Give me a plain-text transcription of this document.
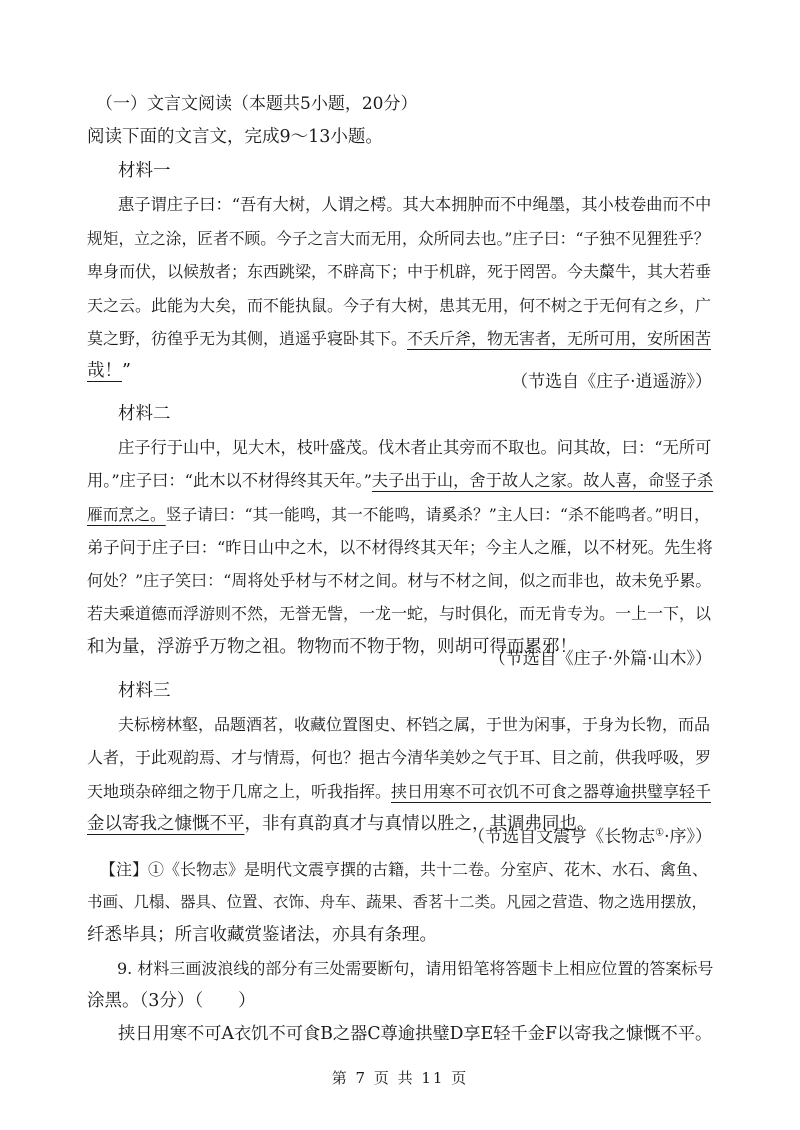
（一）文言文阅读（本题共5小题，20分）
阅读下面的文言文，完成9～13小题。
材料一
惠子谓庄子曰：“吾有大树，人谓之樗。其大本拥肿而不中绳墨，其小枝卷曲而不中
规矩，立之涂，匠者不顾。今子之言大而无用，众所同去也。”庄子曰：“子独不见狸狌乎？
卑身而伏，以候敖者；东西跳梁，不辟高下；中于机辟，死于罔罟。今夫斄牛，其大若垂
天之云。此能为大矣，而不能执鼠。今子有大树，患其无用，何不树之于无何有之乡，广
莫之野，彷徨乎无为其侧，逍遥乎寝卧其下。 不夭斤斧，物无害者，无所可用，安所困苦
哉！ ”
（节选自《庄子·逍遥游》）
材料二
庄子行于山中，见大木，枝叶盛茂。伐木者止其旁而不取也。问其故，曰：“无所可
用。”庄子曰：“此木以不材得终其天年。” 夫子出于山，舍于故人之家。故人喜，命竖子杀
雁而烹之。 竖子请曰：“其一能鸣，其一不能鸣，请奚杀？”主人曰：“杀不能鸣者。”明日，
弟子问于庄子曰：“昨日山中之木，以不材得终其天年；今主人之雁，以不材死。先生将
何处？”庄子笑曰：“周将处乎材与不材之间。材与不材之间，似之而非也，故未免乎累。
若夫乘道德而浮游则不然，无誉无訾，一龙一蛇，与时俱化，而无肯专为。一上一下，以
和为量，浮游乎万物之祖。物物而不物于物，则胡可得而累邪！
（节选自《庄子·外篇·山木》）
材料三
夫标榜林壑，品题酒茗，收藏位置图史、杯铛之属，于世为闲事，于身为长物，而品
人者，于此观韵焉、才与情焉，何也？挹古今清华美妙之气于耳、目之前，供我呼吸，罗
天地琐杂碎细之物于几席之上，听我指挥。 挟日用寒不可衣饥不可食之器尊逾拱璧享轻千
金以寄我之慷慨不平 ，非有真韵真才与真情以胜之，其调弗同也。
（节选自文震亨《长物志①·序》）
【注】①《长物志》是明代文震亨撰的古籍，共十二卷。分室庐、花木、水石、禽鱼、
书画、几榻、器具、位置、衣饰、舟车、蔬果、香茗十二类。凡园之营造、物之选用摆放，
纤悉毕具；所言收藏赏鉴诸法，亦具有条理。
9. 材料三画波浪线的部分有三处需要断句，请用铅笔将答题卡上相应位置的答案标号
涂黑。（3分）（　　）
挟日用寒不可A衣饥不可食B之器C尊逾拱璧D享E轻千金F以寄我之慷慨不平。
第 7 页 共 11 页
